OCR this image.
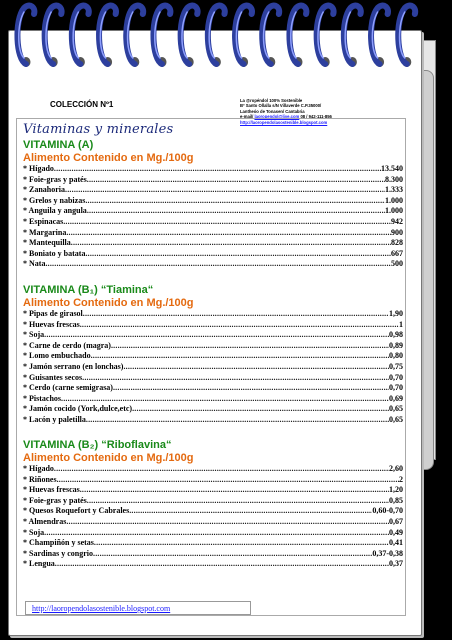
COLECCIÓN Nº1	La @ropéndol 100% Sostenible
Bº Santo Ollalla s/N Villaverde C.P.35000/
Lantheóo de Tonasen/ Cantabria
e-mail/ laoropendol@live.com 08 / 942-111-856
http://laoropendolasostenible.blogspot.com
Vitaminas y minerales
VITAMINA (A)
Alimento Contenido en Mg./100g
* Hígado .....	13.540
* Foie-gras y patés .....	8.300
* Zanahoria .....	1.333
* Grelos y nabizas .....	1.000
* Anguila y angula .....	1.000
* Espinacas .....	942
* Margarina .....	900
* Mantequilla .....	828
* Boniato y batata .....	667
* Nata .....	500
VITAMINA (B₁) “Tiamina“
Alimento Contenido en Mg./100g
* Pipas de girasol .....	1,90
* Huevas frescas .....	1
* Soja .....	0,98
* Carne de cerdo (magra) .....	0,89
* Lomo embuchado .....	0,80
* Jamón serrano (en lonchas) .....	0,75
* Guisantes secos .....	0,70
* Cerdo (carne semigrasa) .....	0,70
* Pistachos .....	0,69
* Jamón cocido (York,dulce,etc) .....	0,65
* Lacón y paletilla .....	0,65
VITAMINA (B₂) “Riboflavina“
Alimento Contenido en Mg./100g
* Hígado .....	2,60
* Riñones .....	2
* Huevas frescas .....	1,20
* Foie-gras y patés .....	0,85
* Quesos Roquefort y Cabrales .....	0,60-0,70
* Almendras .....	0,67
* Soja .....	0,49
* Champiñón y setas .....	0,41
* Sardinas y congrio .....	0,37-0,38
* Lengua .....	0,37
http://laoropendolasostenible.blogspot.com
